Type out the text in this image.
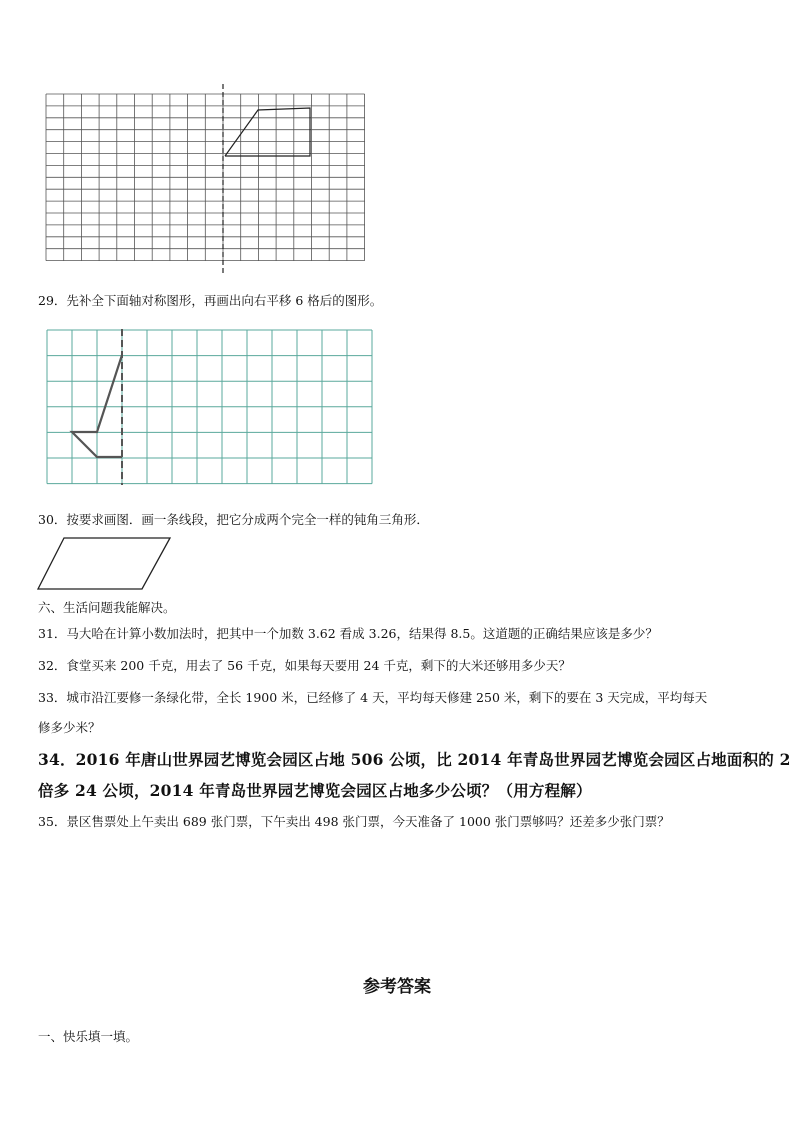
29．先补全下面轴对称图形，再画出向右平移 6 格后的图形。
30．按要求画图．画一条线段，把它分成两个完全一样的钝角三角形．
六、生活问题我能解决。
31．马大哈在计算小数加法时，把其中一个加数 3.62 看成 3.26，结果得 8.5。这道题的正确结果应该是多少？
32．食堂买来 200 千克，用去了 56 千克，如果每天要用 24 千克，剩下的大米还够用多少天？
33．城市沿江要修一条绿化带，全长 1900 米，已经修了 4 天，平均每天修建 250 米，剩下的要在 3 天完成，平均每天
修多少米？
34．2016 年唐山世界园艺博览会园区占地 506 公顷，比 2014 年青岛世界园艺博览会园区占地面积的 2
倍多 24 公顷，2014 年青岛世界园艺博览会园区占地多少公顷？（用方程解）
35．景区售票处上午卖出 689 张门票，下午卖出 498 张门票，今天准备了 1000 张门票够吗？还差多少张门票？
参考答案
一、快乐填一填。
